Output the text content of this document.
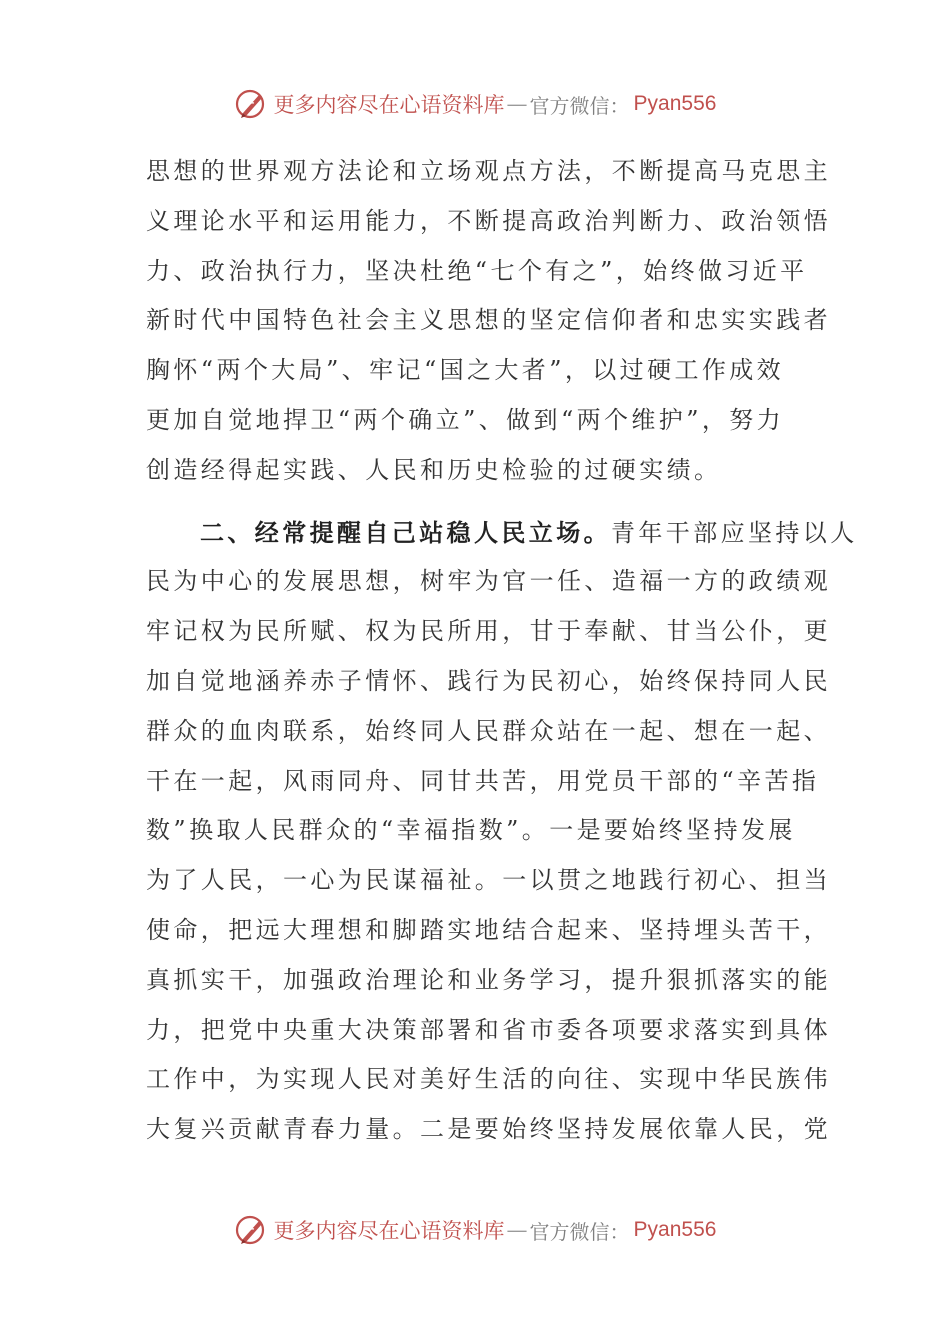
更多内容尽在心语资料库 — 官方微信： Pyan556
思想的世界观方法论和立场观点方法，不断提高马克思主
义理论水平和运用能力，不断提高政治判断力、政治领悟
力、政治执行力，坚决杜绝“七个有之”，始终做习近平
新时代中国特色社会主义思想的坚定信仰者和忠实实践者
胸怀“两个大局”、牢记“国之大者”，以过硬工作成效
更加自觉地捍卫“两个确立”、做到“两个维护”，努力
创造经得起实践、人民和历史检验的过硬实绩。
二、经常提醒自己站稳人民立场。青年干部应坚持以人
民为中心的发展思想，树牢为官一任、造福一方的政绩观
牢记权为民所赋、权为民所用，甘于奉献、甘当公仆，更
加自觉地涵养赤子情怀、践行为民初心，始终保持同人民
群众的血肉联系，始终同人民群众站在一起、想在一起、
干在一起，风雨同舟、同甘共苦，用党员干部的“辛苦指
数”换取人民群众的“幸福指数”。一是要始终坚持发展
为了人民，一心为民谋福祉。一以贯之地践行初心、担当
使命，把远大理想和脚踏实地结合起来、坚持埋头苦干，
真抓实干，加强政治理论和业务学习，提升狠抓落实的能
力，把党中央重大决策部署和省市委各项要求落实到具体
工作中，为实现人民对美好生活的向往、实现中华民族伟
大复兴贡献青春力量。二是要始终坚持发展依靠人民，党
更多内容尽在心语资料库 — 官方微信： Pyan556
